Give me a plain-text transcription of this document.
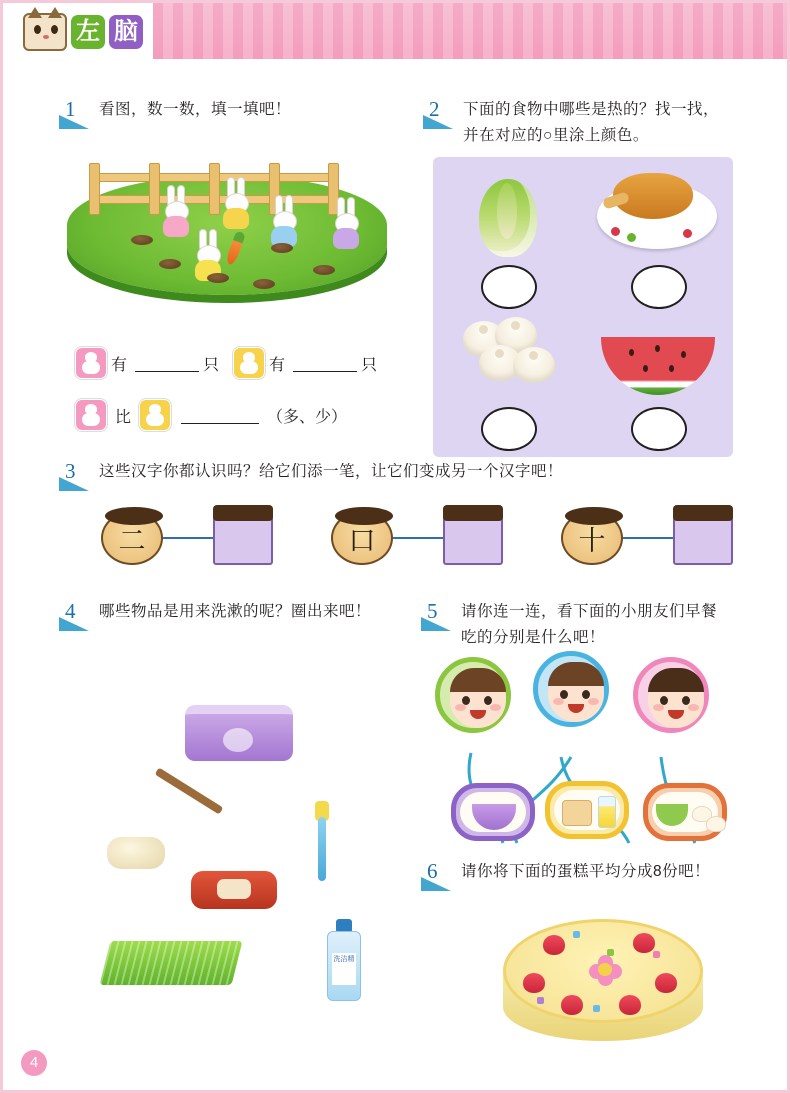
左 脑
1 看图，数一数，填一填吧！
有	只	有	只
比	（多、少）
2 下面的食物中哪些是热的？找一找，并在对应的○里涂上颜色。
3 这些汉字你都认识吗？给它们添一笔，让它们变成另一个汉字吧！
二	口	十
4 哪些物品是用来洗漱的呢？圈出来吧！
洗洁精
5 请你连一连，看下面的小朋友们早餐吃的分别是什么吧！
6 请你将下面的蛋糕平均分成8份吧！
4
